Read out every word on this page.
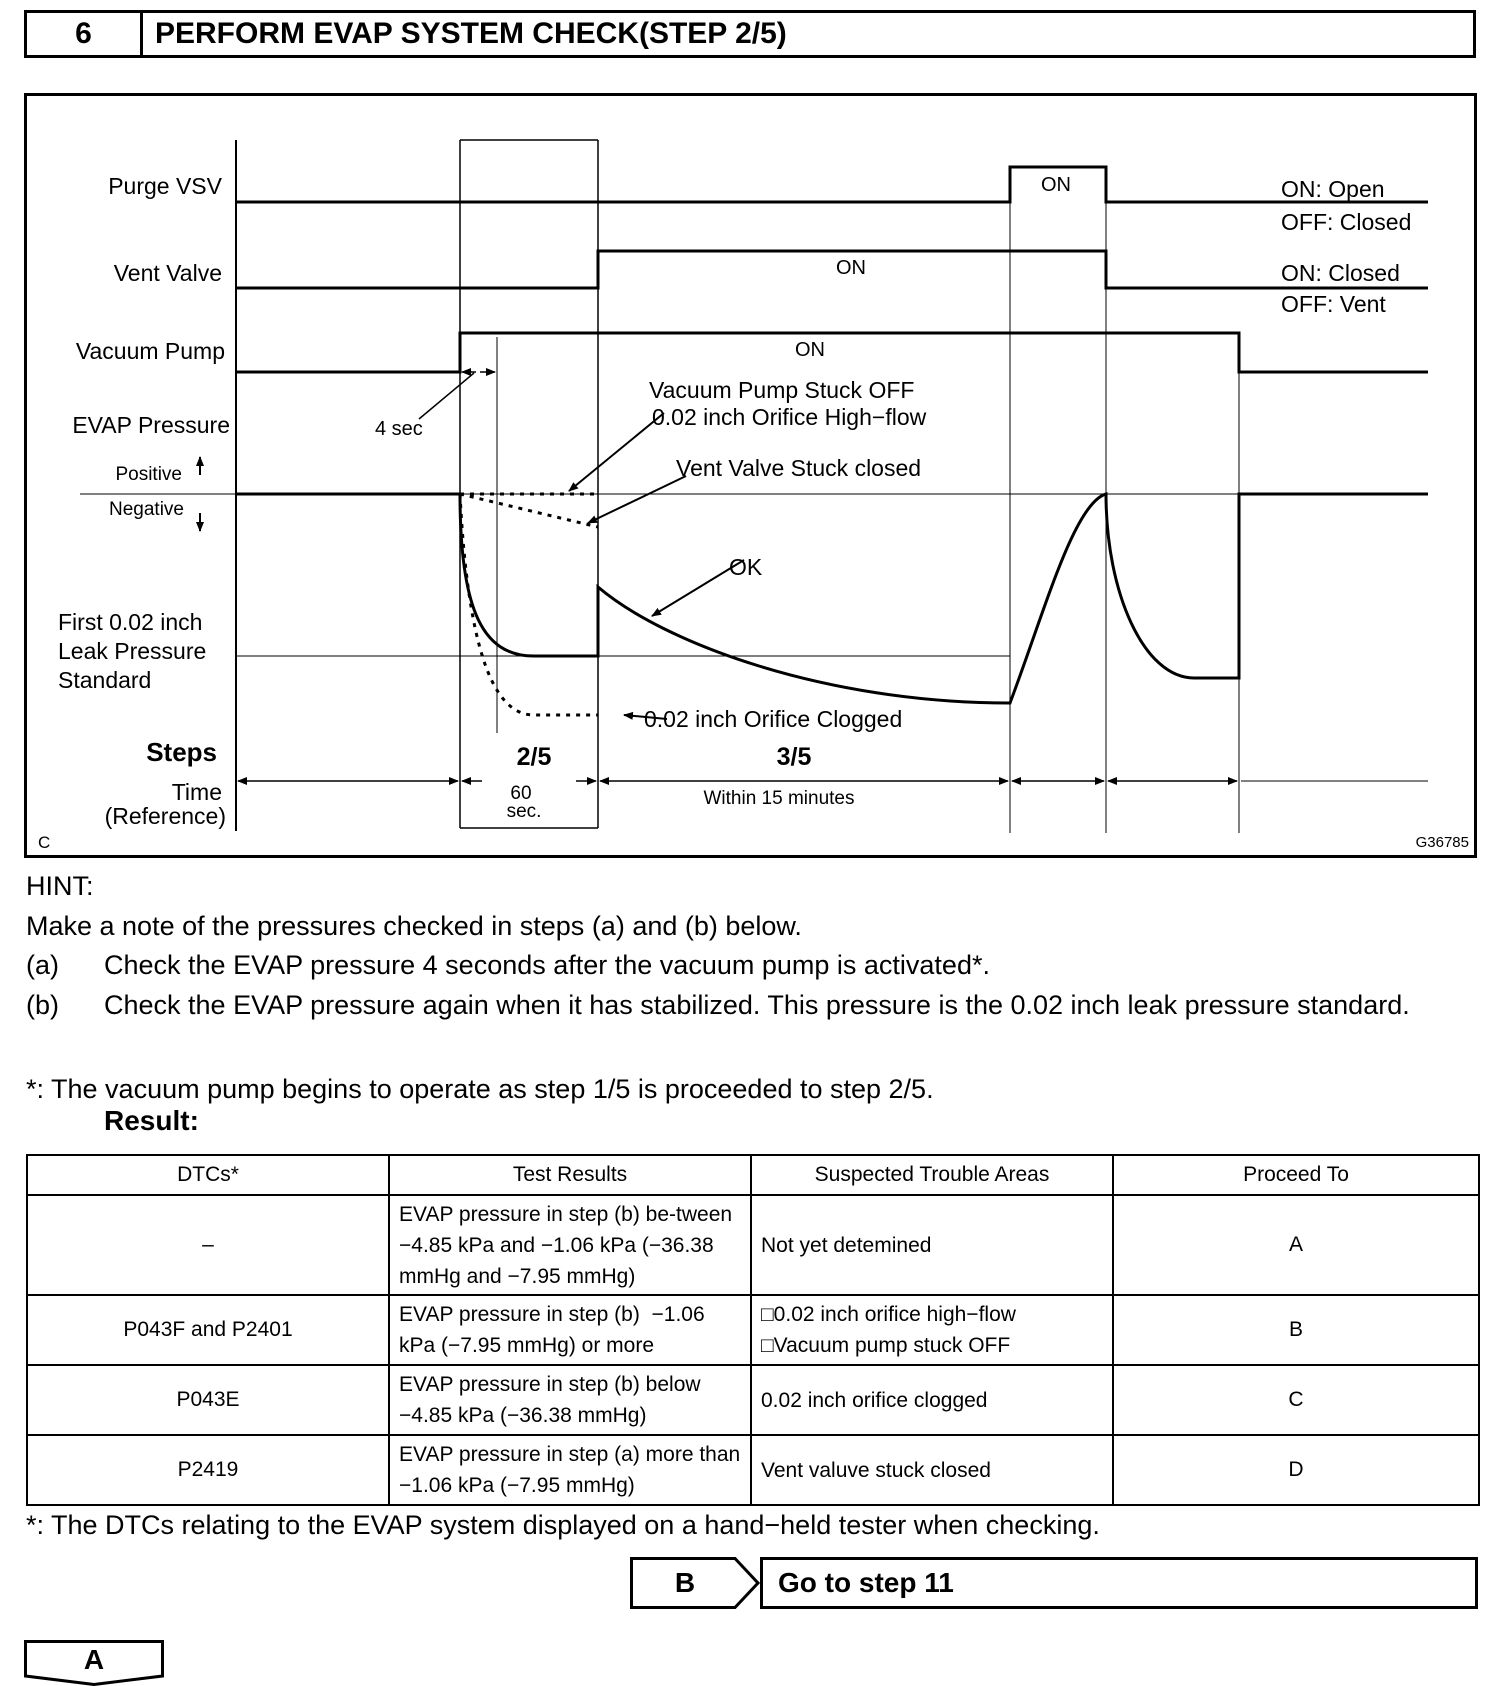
6	PERFORM EVAP SYSTEM CHECK(STEP 2/5)
Purge VSV
Vent Valve
Vacuum Pump
EVAP Pressure
Positive
Negative
First 0.02 inch
Leak Pressure
Standard
Steps
Time
(Reference)
ON
ON
ON
ON: Open
OFF: Closed
ON: Closed
OFF: Vent
4 sec
Vacuum Pump Stuck OFF
0.02 inch Orifice High−flow
Vent Valve Stuck closed
OK
0.02 inch Orifice Clogged
2/5	3/5
60
sec.
Within 15 minutes
C	G36785
HINT:
Make a note of the pressures checked in steps (a) and (b) below.
(a) Check the EVAP pressure 4 seconds after the vacuum pump is activated*.
(b) Check the EVAP pressure again when it has stabilized. This pressure is the 0.02 inch leak pressure standard.
*: The vacuum pump begins to operate as step 1/5 is proceeded to step 2/5.
Result:
DTCs*	Test Results	Suspected Trouble Areas	Proceed To
–	EVAP pressure in step (b) be‑tween −4.85 kPa and −1.06 kPa (−36.38 mmHg and −7.95 mmHg)	Not yet detemined	A
P043F and P2401	EVAP pressure in step (b)  −1.06 kPa (−7.95 mmHg) or more	□0.02 inch orifice high−flow
□Vacuum pump stuck OFF	B
P043E	EVAP pressure in step (b) below −4.85 kPa (−36.38 mmHg)	0.02 inch orifice clogged	C
P2419	EVAP pressure in step (a) more than −1.06 kPa (−7.95 mmHg)	Vent valuve stuck closed	D
*: The DTCs relating to the EVAP system displayed on a hand−held tester when checking.
B	Go to step 11
A
